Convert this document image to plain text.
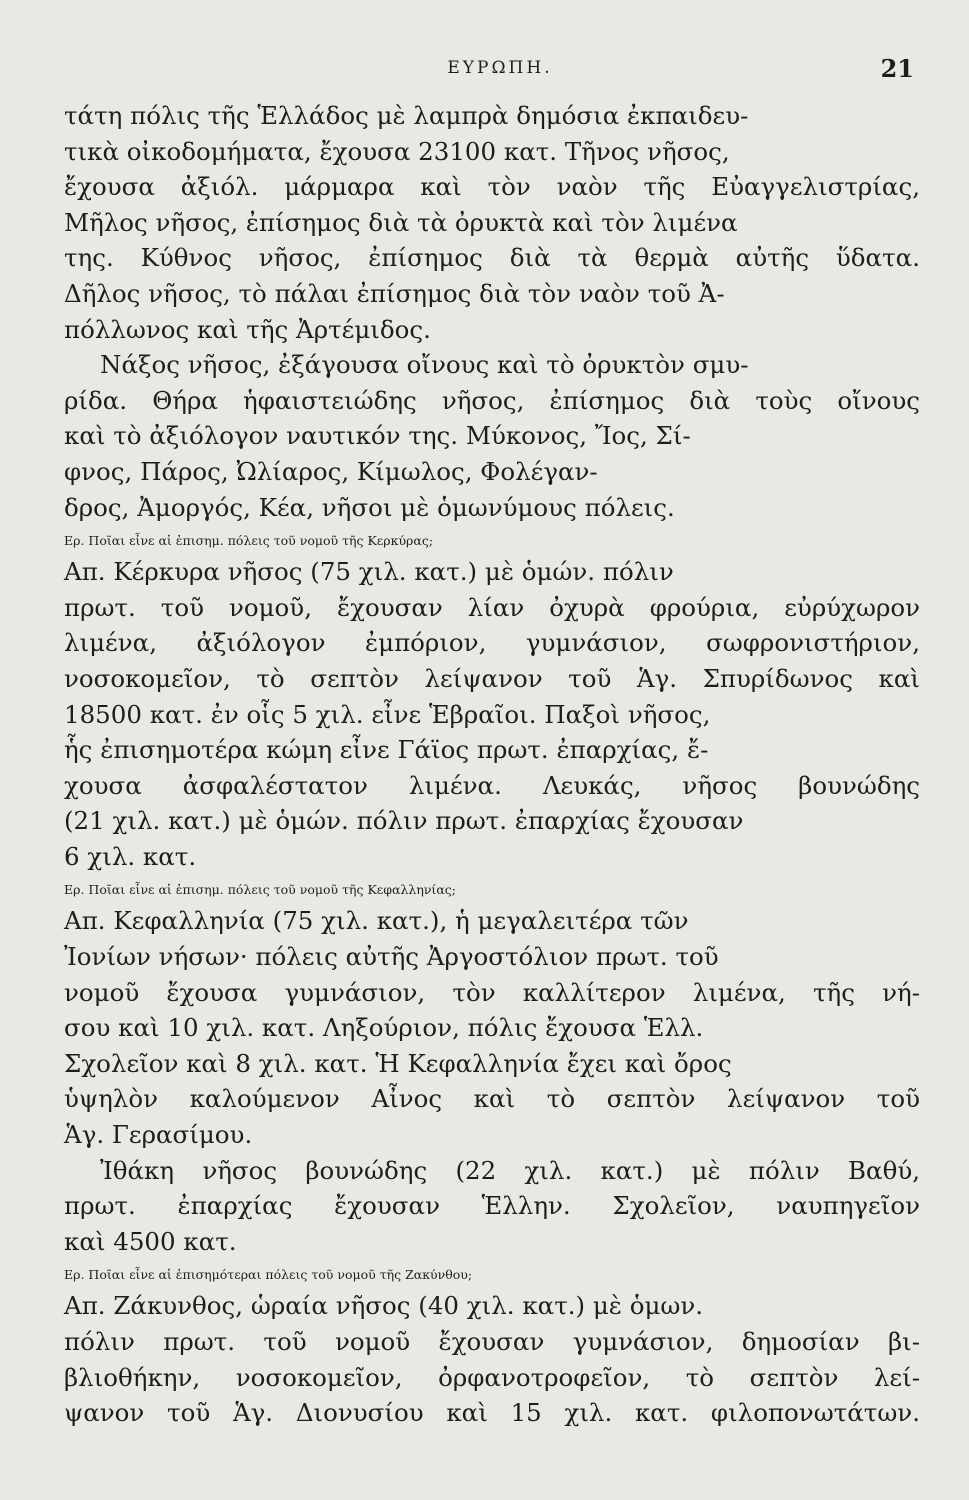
ΕΥΡΩΠΗ.	21
τάτη πόλις τῆς Ἑλλάδος μὲ λαμπρὰ δημόσια ἐκπαιδευ-
τικὰ οἰκοδομήματα, ἔχουσα 23100 κατ. Τῆνος νῆσος,
ἔχουσα ἀξιόλ. μάρμαρα καὶ τὸν ναὸν τῆς Εὐαγγελιστρίας,
Μῆλος νῆσος, ἐπίσημος διὰ τὰ ὀρυκτὰ καὶ τὸν λιμένα
της. Κύθνος νῆσος, ἐπίσημος διὰ τὰ θερμὰ αὐτῆς ὕδατα.
Δῆλος νῆσος, τὸ πάλαι ἐπίσημος διὰ τὸν ναὸν τοῦ Ἀ-
πόλλωνος καὶ τῆς Ἀρτέμιδος.
Νάξος νῆσος, ἐξάγουσα οἴνους καὶ τὸ ὀρυκτὸν σμυ-
ρίδα. Θήρα ἡφαιστειώδης νῆσος, ἐπίσημος διὰ τοὺς οἴνους
καὶ τὸ ἀξιόλογον ναυτικόν της. Μύκονος, Ἴος, Σί-
φνος, Πάρος, Ὠλίαρος, Κίμωλος, Φολέγαν-
δρος, Ἀμοργός, Κέα, νῆσοι μὲ ὁμωνύμους πόλεις.
Ερ. Ποῖαι εἶνε αἱ ἐπισημ. πόλεις τοῦ νομοῦ τῆς Κερκύρας;
Απ. Κέρκυρα νῆσος (75 χιλ. κατ.) μὲ ὁμών. πόλιν
πρωτ. τοῦ νομοῦ, ἔχουσαν λίαν ὀχυρὰ φρούρια, εὐρύχωρον
λιμένα, ἀξιόλογον ἐμπόριον, γυμνάσιον, σωφρονιστήριον,
νοσοκομεῖον, τὸ σεπτὸν λείψανον τοῦ Ἁγ. Σπυρίδωνος καὶ
18500 κατ. ἐν οἷς 5 χιλ. εἶνε Ἑβραῖοι. Παξοὶ νῆσος,
ἧς ἐπισημοτέρα κώμη εἶνε Γάϊος πρωτ. ἐπαρχίας, ἔ-
χουσα ἀσφαλέστατον λιμένα. Λευκάς, νῆσος βουνώδης
(21 χιλ. κατ.) μὲ ὁμών. πόλιν πρωτ. ἐπαρχίας ἔχουσαν
6 χιλ. κατ.
Ερ. Ποῖαι εἶνε αἱ ἐπισημ. πόλεις τοῦ νομοῦ τῆς Κεφαλληνίας;
Απ. Κεφαλληνία (75 χιλ. κατ.), ἡ μεγαλειτέρα τῶν
Ἰονίων νήσων· πόλεις αὐτῆς Ἀργοστόλιον πρωτ. τοῦ
νομοῦ ἔχουσα γυμνάσιον, τὸν καλλίτερον λιμένα, τῆς νή-
σου καὶ 10 χιλ. κατ. Ληξούριον, πόλις ἔχουσα Ἑλλ.
Σχολεῖον καὶ 8 χιλ. κατ. Ἡ Κεφαλληνία ἔχει καὶ ὄρος
ὑψηλὸν καλούμενον Αἶνος καὶ τὸ σεπτὸν λείψανον τοῦ
Ἁγ. Γερασίμου.
Ἰθάκη νῆσος βουνώδης (22 χιλ. κατ.) μὲ πόλιν Βαθύ,
πρωτ. ἐπαρχίας ἔχουσαν Ἑλλην. Σχολεῖον, ναυπηγεῖον
καὶ 4500 κατ.
Ερ. Ποῖαι εἶνε αἱ ἐπισημότεραι πόλεις τοῦ νομοῦ τῆς Ζακύνθου;
Απ. Ζάκυνθος, ὡραία νῆσος (40 χιλ. κατ.) μὲ ὁμων.
πόλιν πρωτ. τοῦ νομοῦ ἔχουσαν γυμνάσιον, δημοσίαν βι-
βλιοθήκην, νοσοκομεῖον, ὀρφανοτροφεῖον, τὸ σεπτὸν λεί-
ψανον τοῦ Ἁγ. Διονυσίου καὶ 15 χιλ. κατ. φιλοπονωτάτων.
